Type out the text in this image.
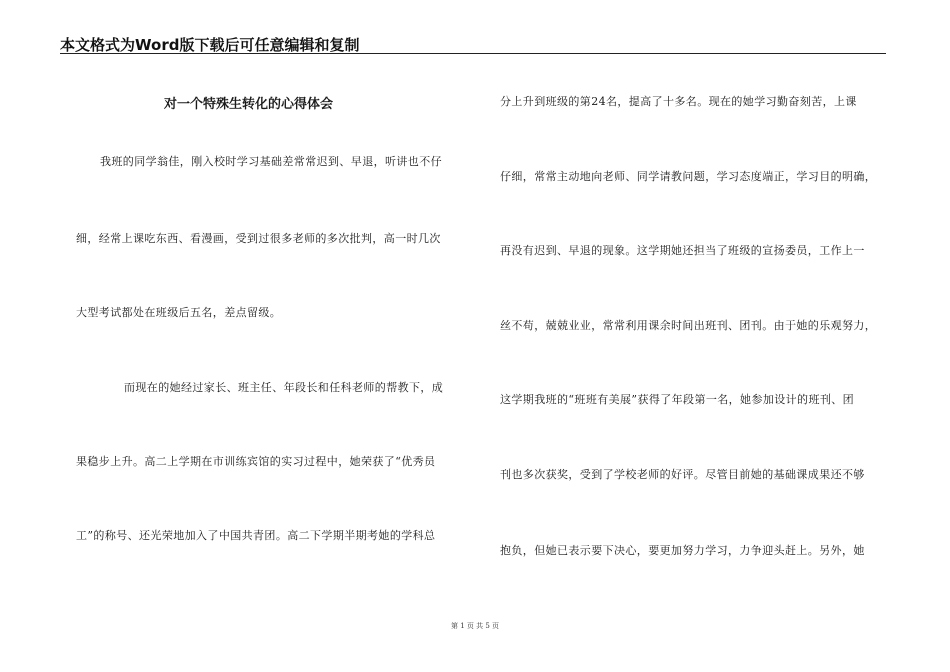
本文格式为Word版下载后可任意编辑和复制
对一个特殊生转化的心得体会
我班的同学翁佳，刚入校时学习基础差常常迟到、早退，听讲也不仔
细，经常上课吃东西、看漫画，受到过很多老师的多次批判，高一时几次
大型考试都处在班级后五名，差点留级。
而现在的她经过家长、班主任、年段长和任科老师的帮教下，成
果稳步上升。高二上学期在市训练宾馆的实习过程中，她荣获了“优秀员
工”的称号、还光荣地加入了中国共青团。高二下学期半期考她的学科总
分上升到班级的第24名，提高了十多名。现在的她学习勤奋刻苦，上课
仔细，常常主动地向老师、同学请教问题，学习态度端正，学习目的明确，
再没有迟到、早退的现象。这学期她还担当了班级的宣扬委员，工作上一
丝不苟，兢兢业业，常常利用课余时间出班刊、团刊。由于她的乐观努力，
这学期我班的“班班有美展”获得了年段第一名，她参加设计的班刊、团
刊也多次获奖，受到了学校老师的好评。尽管目前她的基础课成果还不够
抱负，但她已表示要下决心，要更加努力学习，力争迎头赶上。另外，她
第 1 页 共 5 页
